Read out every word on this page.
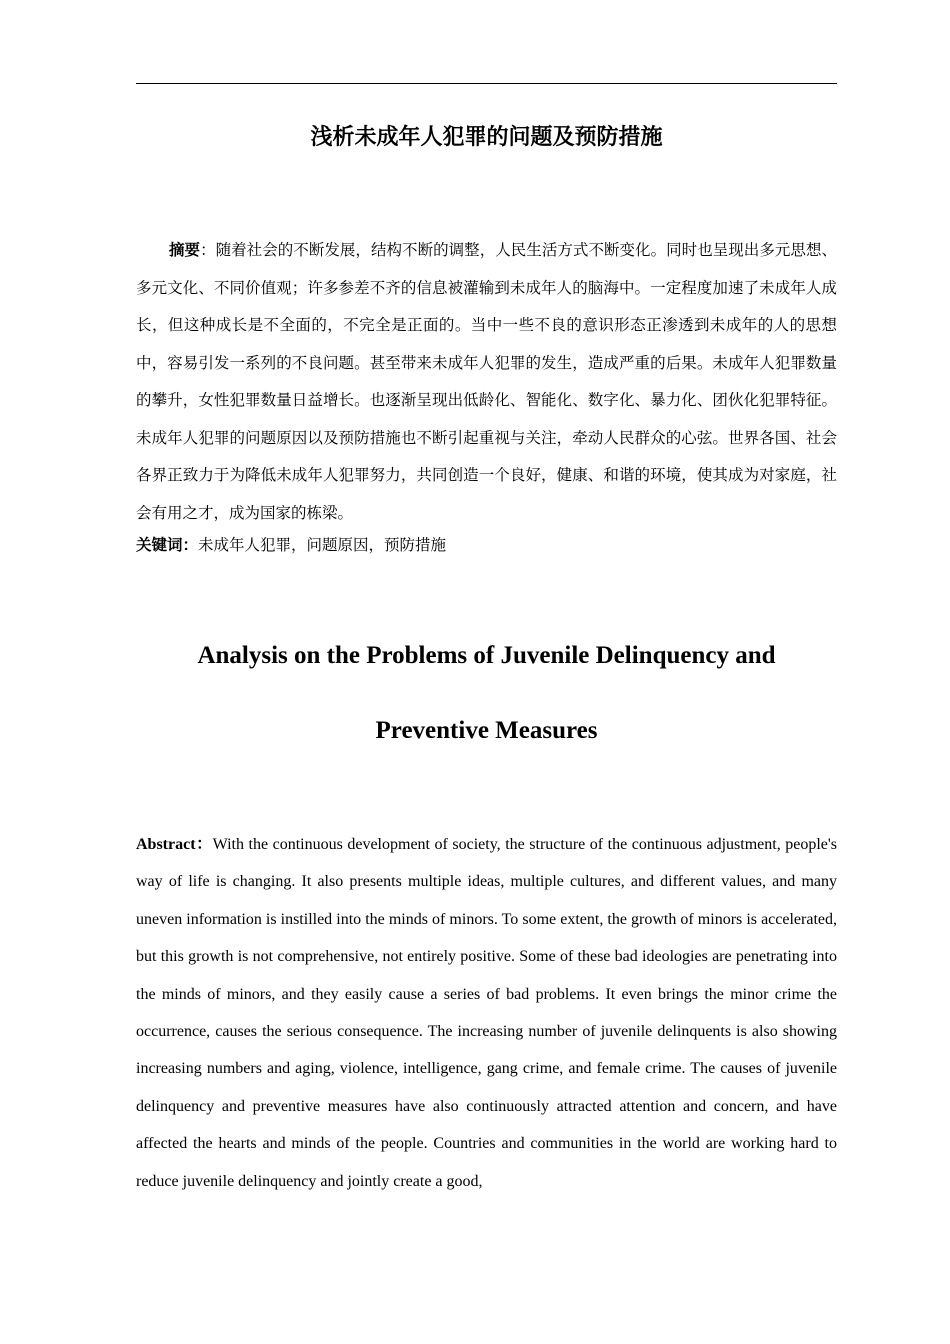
浅析未成年人犯罪的问题及预防措施

摘要：随着社会的不断发展，结构不断的调整，人民生活方式不断变化。同时也呈现出多元思想、多元文化、不同价值观；许多参差不齐的信息被灌输到未成年人的脑海中。一定程度加速了未成年人成长，但这种成长是不全面的，不完全是正面的。当中一些不良的意识形态正渗透到未成年的人的思想中，容易引发一系列的不良问题。甚至带来未成年人犯罪的发生，造成严重的后果。未成年人犯罪数量的攀升，女性犯罪数量日益增长。也逐渐呈现出低龄化、智能化、数字化、暴力化、团伙化犯罪特征。未成年人犯罪的问题原因以及预防措施也不断引起重视与关注，牵动人民群众的心弦。世界各国、社会各界正致力于为降低未成年人犯罪努力，共同创造一个良好，健康、和谐的环境，使其成为对家庭，社会有用之才，成为国家的栋梁。

关键词：未成年人犯罪，问题原因，预防措施
Analysis on the Problems of Juvenile Delinquency and
Preventive Measures

Abstract：With the continuous development of society, the structure of the continuous adjustment, people's way of life is changing. It also presents multiple ideas, multiple cultures, and different values, and many uneven information is instilled into the minds of minors. To some extent, the growth of minors is accelerated, but this growth is not comprehensive, not entirely positive. Some of these bad ideologies are penetrating into the minds of minors, and they easily cause a series of bad problems. It even brings the minor crime the occurrence, causes the serious consequence. The increasing number of juvenile delinquents is also showing increasing numbers and aging, violence, intelligence, gang crime, and female crime. The causes of juvenile delinquency and preventive measures have also continuously attracted attention and concern, and have affected the hearts and minds of the people. Countries and communities in the world are working hard to reduce juvenile delinquency and jointly create a good,
